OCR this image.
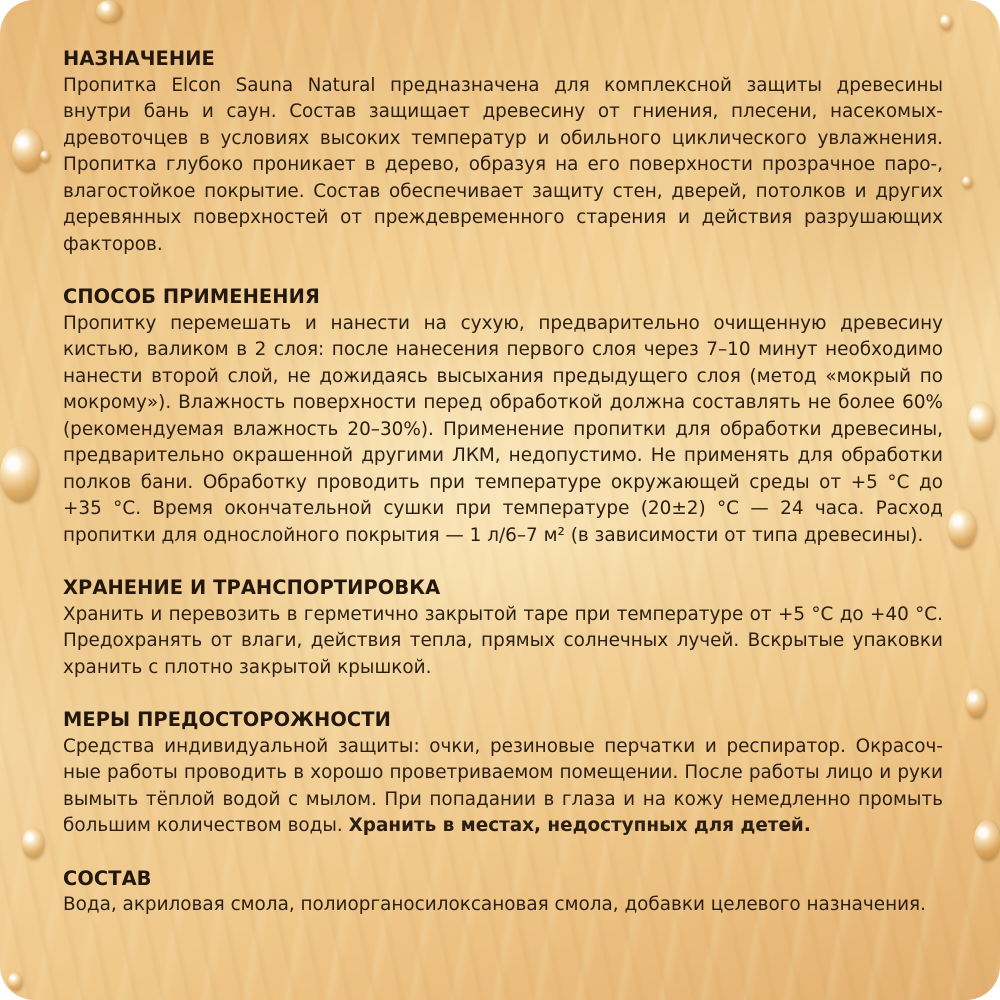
НАЗНАЧЕНИЕ

Пропитка Elcon Sauna Natural предназначена для комплексной защиты древесины внутри бань и саун. Состав защищает древесину от гниения, плесени, насекомых-древоточцев в условиях высоких температур и обильного циклического увлажнения. Пропитка глубоко проникает в дерево, образуя на его поверхности прозрачное паро-, влагостойкое покрытие. Состав обеспечивает защиту стен, дверей, потолков и других деревянных поверхностей от преждевременного старения и действия разрушающих факторов.

СПОСОБ ПРИМЕНЕНИЯ

Пропитку перемешать и нанести на сухую, предварительно очищенную древесину кистью, валиком в 2 слоя: после нанесения первого слоя через 7–10 минут необходимо нанести второй слой, не дожидаясь высыхания предыдущего слоя (метод «мокрый по мокрому»). Влажность поверхности перед обработкой должна составлять не более 60% (рекомендуемая влажность 20–30%). Применение пропитки для обработки древесины, предварительно окрашенной другими ЛКМ, недопустимо. Не применять для обработки полков бани. Обработку проводить при температуре окружающей среды от +5 °С до +35 °С. Время окончательной сушки при температуре (20±2) °С — 24 часа. Расход пропитки для однослойного покрытия — 1 л/6–7 м² (в зависимости от типа древесины).

ХРАНЕНИЕ И ТРАНСПОРТИРОВКА

Хранить и перевозить в герметично закрытой таре при температуре от +5 °С до +40 °С. Предохранять от влаги, действия тепла, прямых солнечных лучей. Вскрытые упаковки хранить с плотно закрытой крышкой.

МЕРЫ ПРЕДОСТОРОЖНОСТИ

Средства индивидуальной защиты: очки, резиновые перчатки и респиратор. Окрасочные работы проводить в хорошо проветриваемом помещении. После работы лицо и руки вымыть тёплой водой с мылом. При попадании в глаза и на кожу немедленно промыть большим количеством воды. Хранить в местах, недоступных для детей.

СОСТАВ

Вода, акриловая смола, полиорганосилоксановая смола, добавки целевого назначения.
